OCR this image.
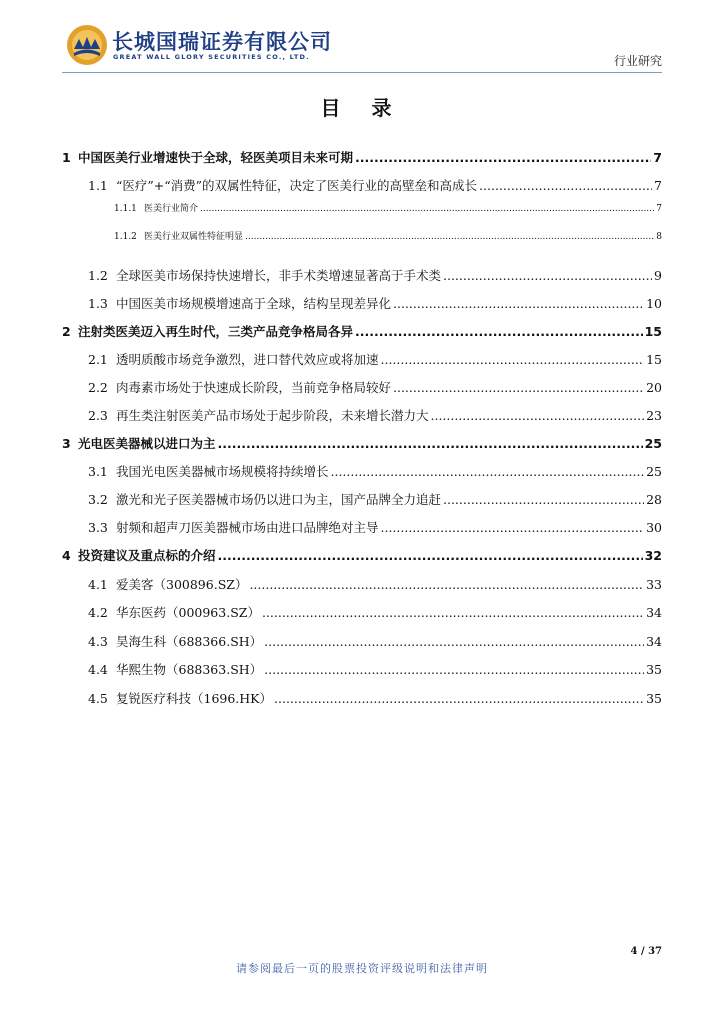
长城国瑞证券有限公司
GREAT WALL GLORY SECURITIES CO., LTD.	行业研究
目 录
1 中国医美行业增速快于全球，轻医美项目未来可期 .....	7
1.1 “医疗”+“消费”的双属性特征，决定了医美行业的高壁垒和高成长 .....	7
1.1.1 医美行业简介 .....	7
1.1.2 医美行业双属性特征明显 .....	8
1.2 全球医美市场保持快速增长，非手术类增速显著高于手术类 .....	9
1.3 中国医美市场规模增速高于全球，结构呈现差异化 .....	10
2 注射类医美迈入再生时代，三类产品竞争格局各异 .....	15
2.1 透明质酸市场竞争激烈，进口替代效应或将加速 .....	15
2.2 肉毒素市场处于快速成长阶段，当前竞争格局较好 .....	20
2.3 再生类注射医美产品市场处于起步阶段，未来增长潜力大 .....	23
3 光电医美器械以进口为主 .....	25
3.1 我国光电医美器械市场规模将持续增长 .....	25
3.2 激光和光子医美器械市场仍以进口为主，国产品牌全力追赶 .....	28
3.3 射频和超声刀医美器械市场由进口品牌绝对主导 .....	30
4 投资建议及重点标的介绍 .....	32
4.1 爱美客（300896.SZ） .....	33
4.2 华东医药（000963.SZ） .....	34
4.3 昊海生科（688366.SH） .....	34
4.4 华熙生物（688363.SH） .....	35
4.5 复锐医疗科技（1696.HK） .....	35
4 / 37
请参阅最后一页的股票投资评级说明和法律声明
